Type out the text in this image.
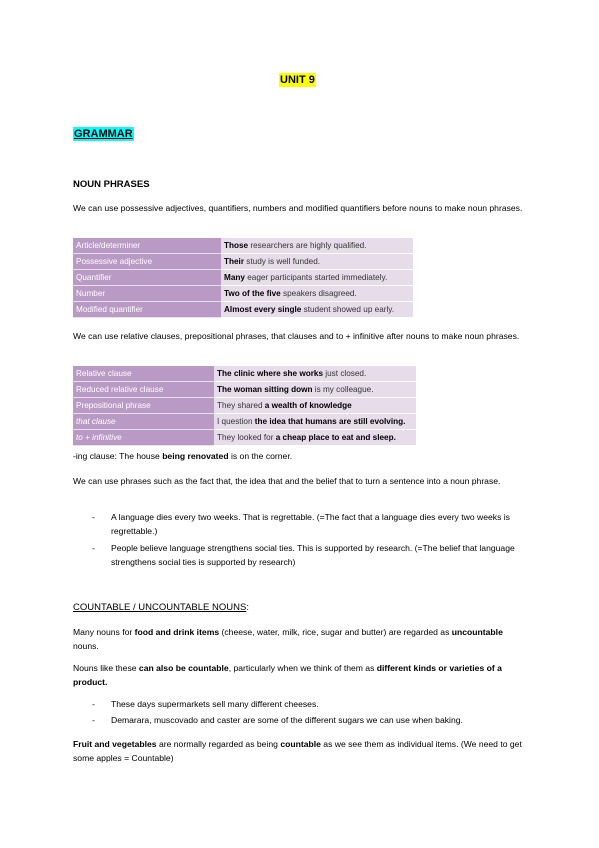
UNIT 9
GRAMMAR
NOUN PHRASES
We can use possessive adjectives, quantifiers, numbers and modified quantifiers before nouns to make noun phrases.
Article/determiner	Those researchers are highly qualified.
Possessive adjective	Their study is well funded.
Quantifier	Many eager participants started immediately.
Number	Two of the five speakers disagreed.
Modified quantifier	Almost every single student showed up early.
We can use relative clauses, prepositional phrases, that clauses and to + infinitive after nouns to make noun phrases.
Relative clause	The clinic where she works just closed.
Reduced relative clause	The woman sitting down is my colleague.
Prepositional phrase	They shared a wealth of knowledge
that clause	I question the idea that humans are still evolving.
to + infinitive	They looked for a cheap place to eat and sleep.
-ing clause: The house being renovated is on the corner.
We can use phrases such as the fact that, the idea that and the belief that to turn a sentence into a noun phrase.
- A language dies every two weeks. That is regrettable. (=The fact that a language dies every two weeks is regrettable.)
- People believe language strengthens social ties. This is supported by research. (=The belief that language strengthens social ties is supported by research)
COUNTABLE / UNCOUNTABLE NOUNS:
Many nouns for food and drink items (cheese, water, milk, rice, sugar and butter) are regarded as uncountable nouns.
Nouns like these can also be countable, particularly when we think of them as different kinds or varieties of a product.
- These days supermarkets sell many different cheeses.
- Demarara, muscovado and caster are some of the different sugars we can use when baking.
Fruit and vegetables are normally regarded as being countable as we see them as individual items. (We need to get some apples = Countable)
